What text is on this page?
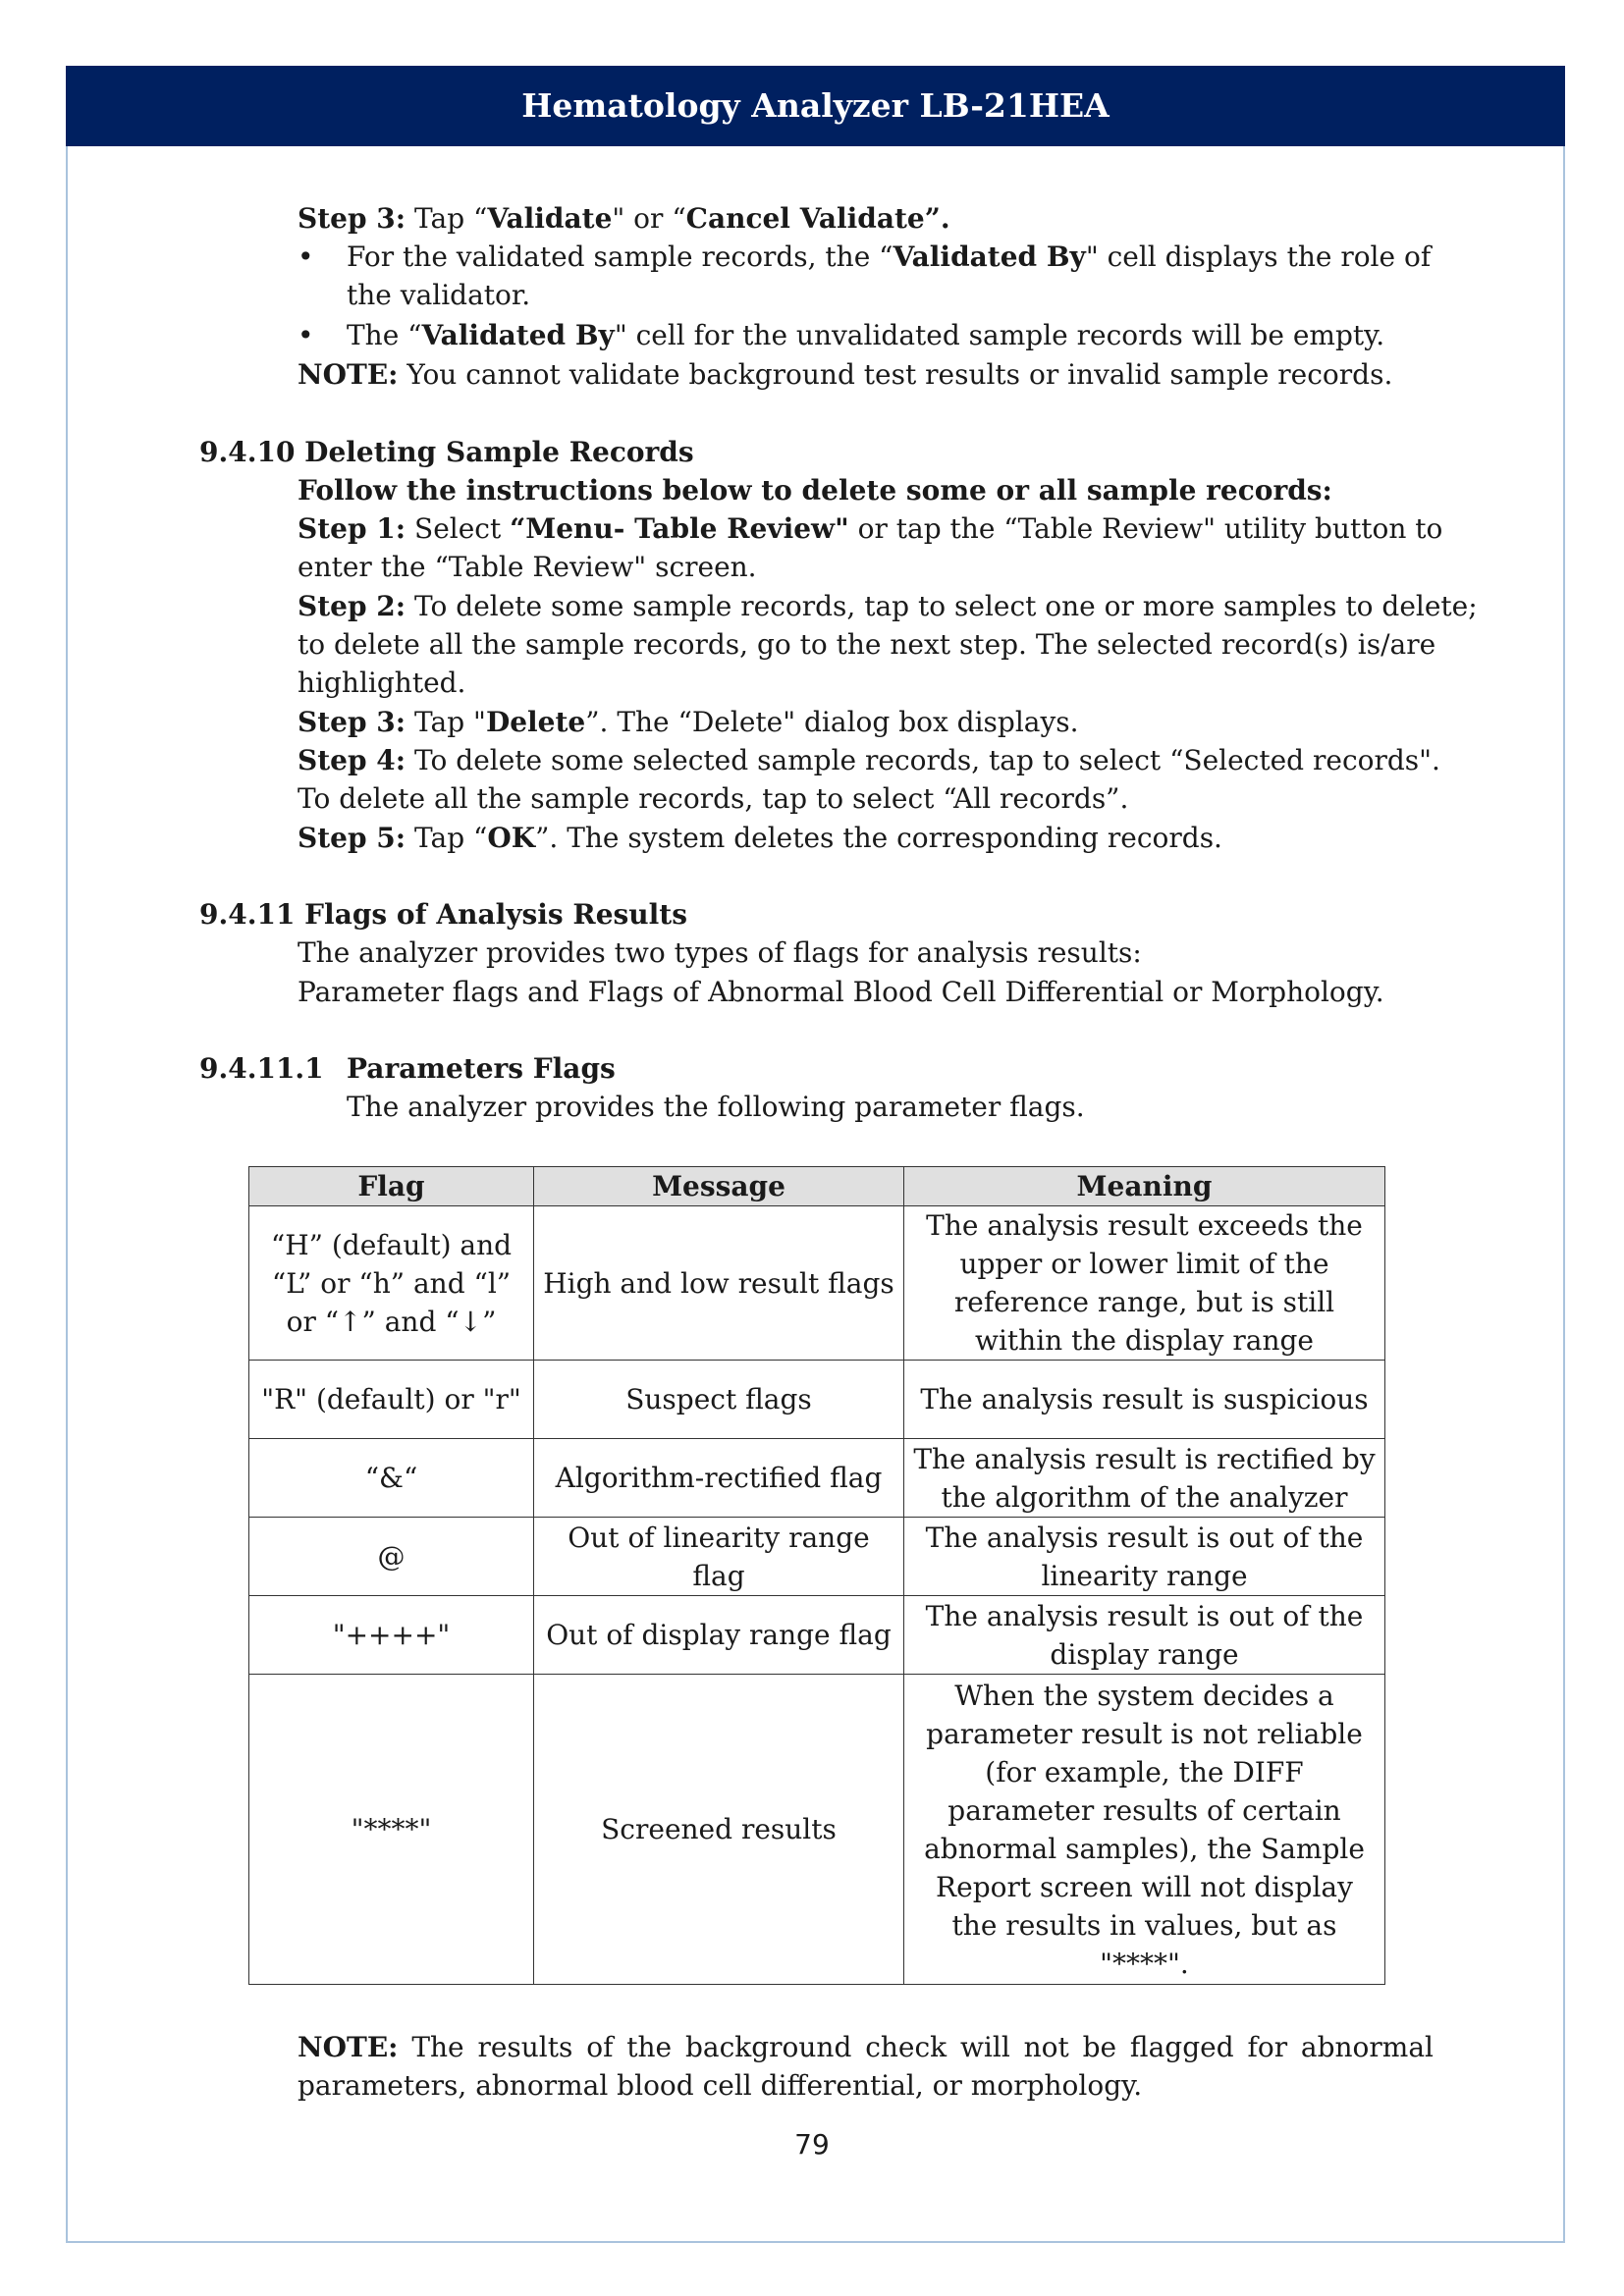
Hematology Analyzer LB-21HEA
Step 3: Tap “Validate" or “Cancel Validate”.
• For the validated sample records, the “Validated By" cell displays the role of
the validator.
• The “Validated By" cell for the unvalidated sample records will be empty.
NOTE: You cannot validate background test results or invalid sample records.
9.4.10 Deleting Sample Records
Follow the instructions below to delete some or all sample records:
Step 1: Select “Menu- Table Review" or tap the “Table Review" utility button to
enter the “Table Review" screen.
Step 2: To delete some sample records, tap to select one or more samples to delete;
to delete all the sample records, go to the next step. The selected record(s) is/are
highlighted.
Step 3: Tap "Delete”. The “Delete" dialog box displays.
Step 4: To delete some selected sample records, tap to select “Selected records".
To delete all the sample records, tap to select “All records”.
Step 5: Tap “OK”. The system deletes the corresponding records.
9.4.11 Flags of Analysis Results
The analyzer provides two types of flags for analysis results:
Parameter flags and Flags of Abnormal Blood Cell Differential or Morphology.
9.4.11.1 Parameters Flags
The analyzer provides the following parameter flags.
Flag	Message	Meaning
“H” (default) and “L” or “h” and “l” or “↑” and “↓”	High and low result flags	The analysis result exceeds the upper or lower limit of the reference range, but is still within the display range
"R" (default) or "r"	Suspect flags	The analysis result is suspicious
“&“	Algorithm-rectified flag	The analysis result is rectified by the algorithm of the analyzer
@	Out of linearity range flag	The analysis result is out of the linearity range
"++++"	Out of display range flag	The analysis result is out of the display range
"****"	Screened results	When the system decides a parameter result is not reliable (for example, the DIFF parameter results of certain abnormal samples), the Sample Report screen will not display the results in values, but as "****".
NOTE: The results of the background check will not be flagged for abnormal parameters, abnormal blood cell differential, or morphology.
79
